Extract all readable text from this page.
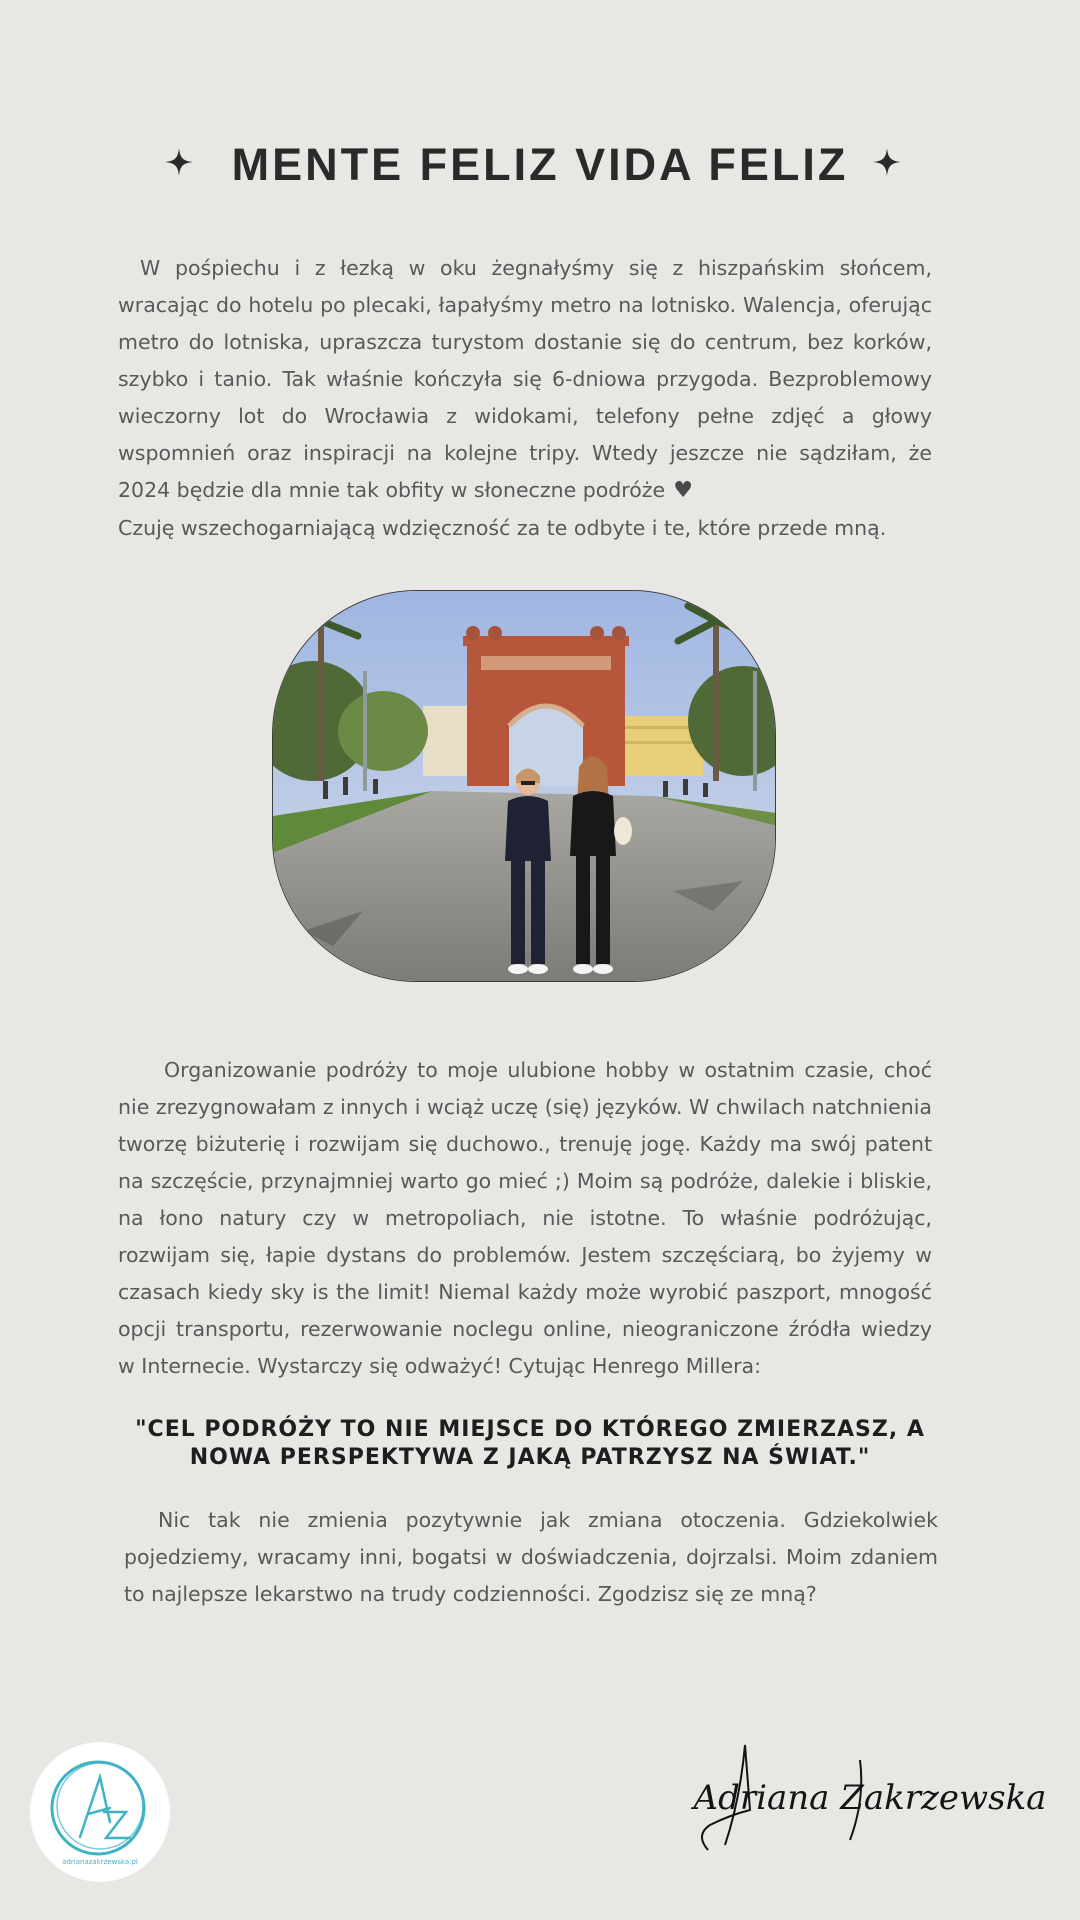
MENTE FELIZ VIDA FELIZ

W pośpiechu i z łezką w oku żegnałyśmy się z hiszpańskim słońcem, wracając do hotelu po plecaki, łapałyśmy metro na lotnisko. Walencja, oferując metro do lotniska, upraszcza turystom dostanie się do centrum, bez korków, szybko i tanio. Tak właśnie kończyła się 6-dniowa przygoda. Bezproblemowy wieczorny lot do Wrocławia z widokami, telefony pełne zdjęć a głowy wspomnień oraz inspiracji na kolejne tripy. Wtedy jeszcze nie sądziłam, że 2024 będzie dla mnie tak obfity w słoneczne podróże ♥

Czuję wszechogarniającą wdzięczność za te odbyte i te, które przede mną.

Organizowanie podróży to moje ulubione hobby w ostatnim czasie, choć nie zrezygnowałam z innych i wciąż uczę (się) języków. W chwilach natchnienia tworzę biżuterię i rozwijam się duchowo., trenuję jogę. Każdy ma swój patent na szczęście, przynajmniej warto go mieć ;) Moim są podróże, dalekie i bliskie, na łono natury czy w metropoliach, nie istotne. To właśnie podróżując, rozwijam się, łapie dystans do problemów. Jestem szczęściarą, bo żyjemy w czasach kiedy sky is the limit! Niemal każdy może wyrobić paszport, mnogość opcji transportu, rezerwowanie noclegu online, nieograniczone źródła wiedzy w Internecie. Wystarczy się odważyć! Cytując Henrego Millera:

"CEL PODRÓŻY TO NIE MIEJSCE DO KTÓREGO ZMIERZASZ, A NOWA PERSPEKTYWA Z JAKĄ PATRZYSZ NA ŚWIAT."

Nic tak nie zmienia pozytywnie jak zmiana otoczenia. Gdziekolwiek pojedziemy, wracamy inni, bogatsi w doświadczenia, dojrzalsi. Moim zdaniem to najlepsze lekarstwo na trudy codzienności. Zgodzisz się ze mną?

adrianazakrzewska.pl
Adriana Zakrzewska
